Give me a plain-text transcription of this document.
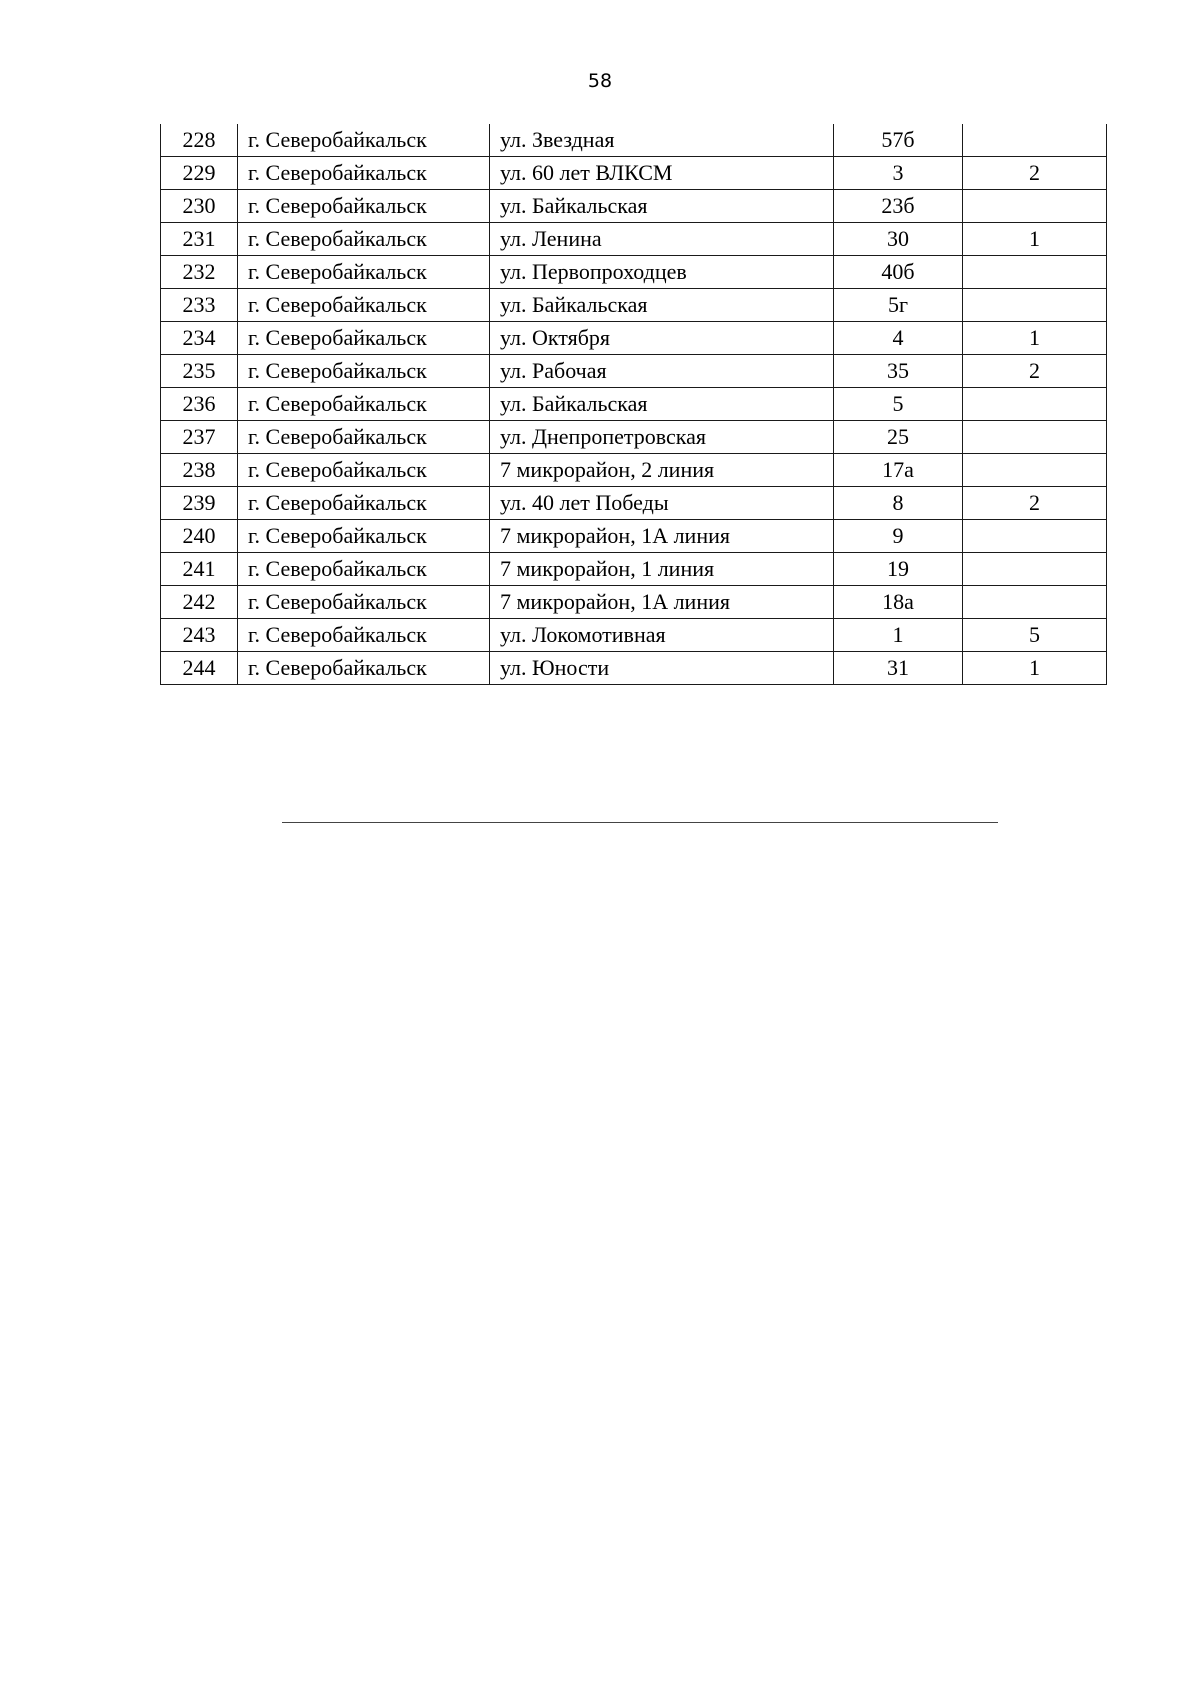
58
228	г. Северобайкальск	ул. Звездная	57б	
229	г. Северобайкальск	ул. 60 лет ВЛКСМ	3	2
230	г. Северобайкальск	ул. Байкальская	23б	
231	г. Северобайкальск	ул. Ленина	30	1
232	г. Северобайкальск	ул. Первопроходцев	40б	
233	г. Северобайкальск	ул. Байкальская	5г	
234	г. Северобайкальск	ул. Октября	4	1
235	г. Северобайкальск	ул. Рабочая	35	2
236	г. Северобайкальск	ул. Байкальская	5	
237	г. Северобайкальск	ул. Днепропетровская	25	
238	г. Северобайкальск	7 микрорайон, 2 линия	17а	
239	г. Северобайкальск	ул. 40 лет Победы	8	2
240	г. Северобайкальск	7 микрорайон, 1А линия	9	
241	г. Северобайкальск	7 микрорайон, 1 линия	19	
242	г. Северобайкальск	7 микрорайон, 1А линия	18а	
243	г. Северобайкальск	ул. Локомотивная	1	5
244	г. Северобайкальск	ул. Юности	31	1
